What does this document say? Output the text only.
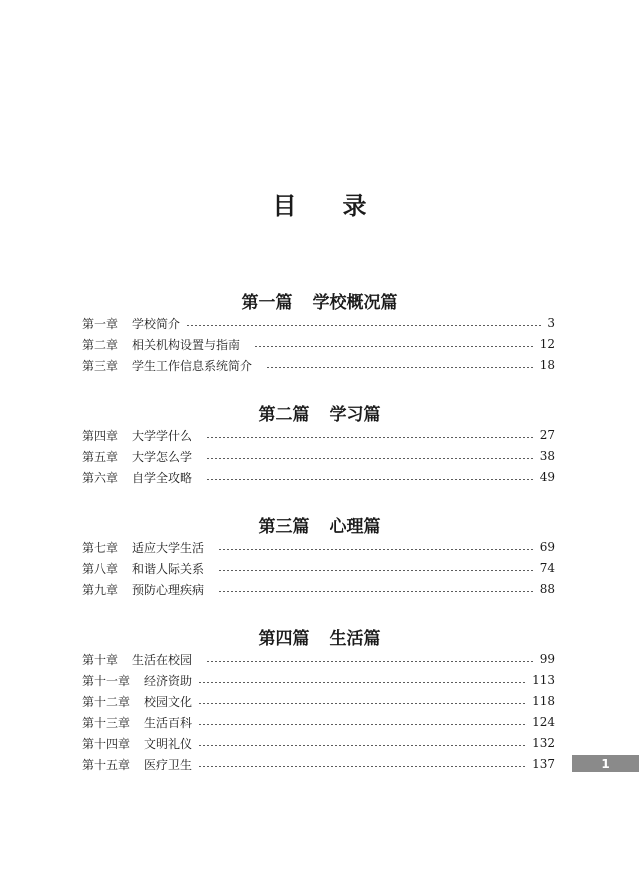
目 录
第一篇 学校概况篇
第一章 学校简介	3
第二章 相关机构设置与指南	12
第三章 学生工作信息系统简介	18
第二篇 学习篇
第四章 大学学什么	27
第五章 大学怎么学	38
第六章 自学全攻略	49
第三篇 心理篇
第七章 适应大学生活	69
第八章 和谐人际关系	74
第九章 预防心理疾病	88
第四篇 生活篇
第十章 生活在校园	99
第十一章 经济资助	113
第十二章 校园文化	118
第十三章 生活百科	124
第十四章 文明礼仪	132
第十五章 医疗卫生	137	1
